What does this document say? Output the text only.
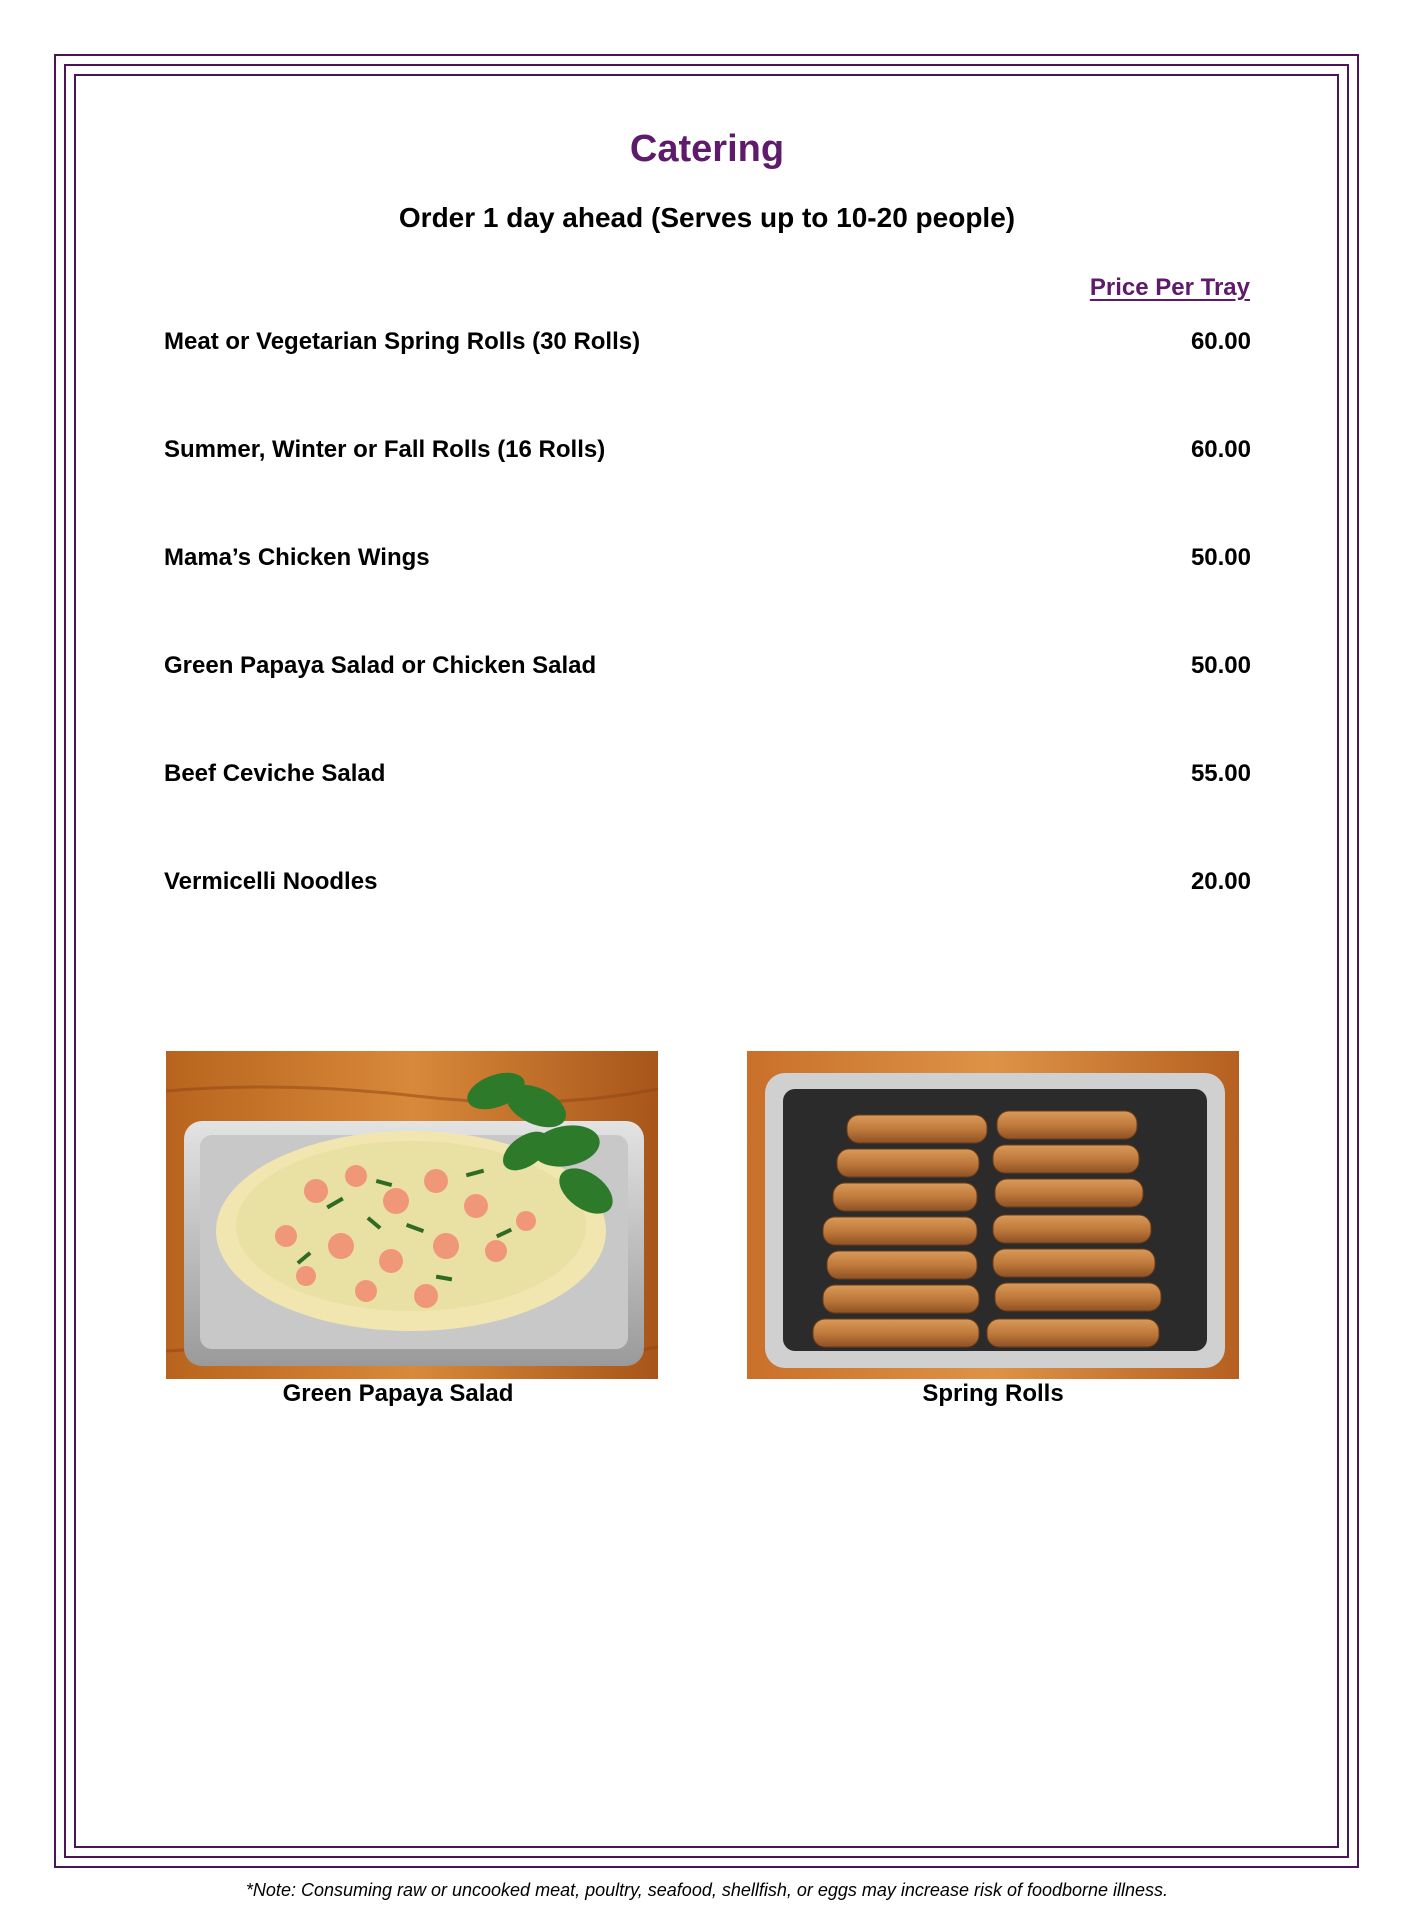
Catering
Order 1 day ahead (Serves up to 10-20 people)
Price Per Tray
Meat or Vegetarian Spring Rolls (30 Rolls)	60.00
Summer, Winter or Fall Rolls (16 Rolls)	60.00
Mama’s Chicken Wings	50.00
Green Papaya Salad or Chicken Salad	50.00
Beef Ceviche Salad	55.00
Vermicelli Noodles	20.00
Green Papaya Salad	Spring Rolls
*Note: Consuming raw or uncooked meat, poultry, seafood, shellfish, or eggs may increase risk of foodborne illness.
